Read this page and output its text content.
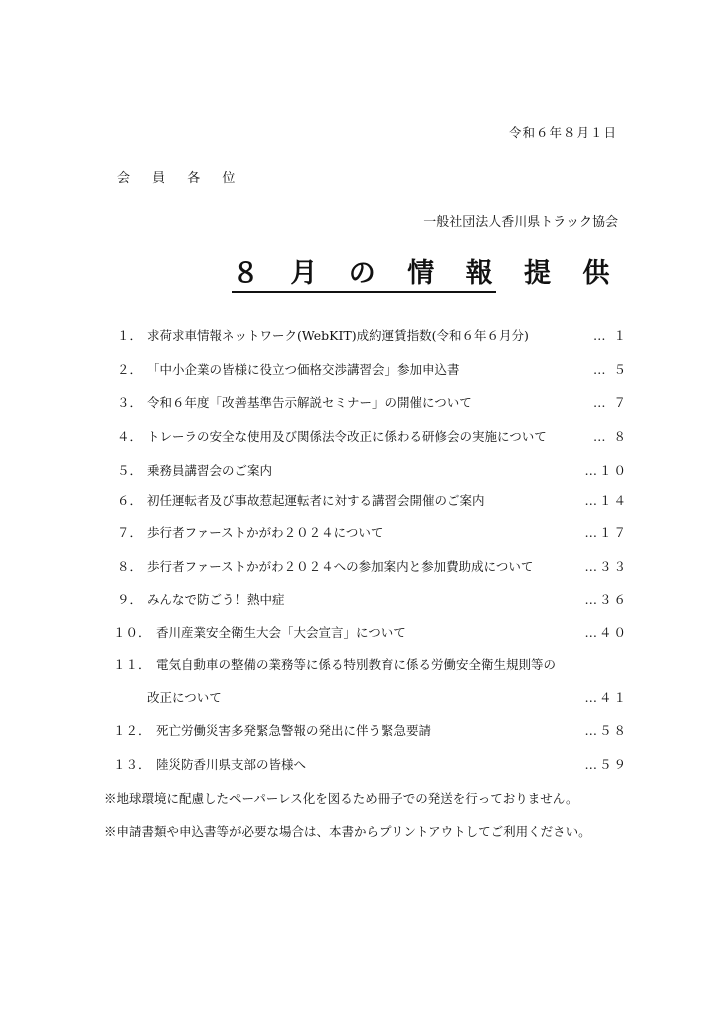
令和６年８月１日
会 員 各 位
一般社団法人香川県トラック協会
８ 月 の 情 報 提 供
１． 求荷求車情報ネットワーク(WebKIT)成約運賃指数(令和６年６月分)	… １
２． 「中小企業の皆様に役立つ価格交渉講習会」参加申込書	… ５
３． 令和６年度「改善基準告示解説セミナー」の開催について	… ７
４． トレーラの安全な使用及び関係法令改正に係わる研修会の実施について	… ８
５． 乗務員講習会のご案内	…１０
６． 初任運転者及び事故惹起運転者に対する講習会開催のご案内	…１４
７． 歩行者ファーストかがわ２０２４について	…１７
８． 歩行者ファーストかがわ２０２４への参加案内と参加費助成について	…３３
９． みんなで防ごう！熱中症	…３６
１０． 香川産業安全衛生大会「大会宣言」について	…４０
１１． 電気自動車の整備の業務等に係る特別教育に係る労働安全衛生規則等の
改正について	…４１
１２． 死亡労働災害多発緊急警報の発出に伴う緊急要請	…５８
１３． 陸災防香川県支部の皆様へ	…５９
※地球環境に配慮したペーパーレス化を図るため冊子での発送を行っておりません。
※申請書類や申込書等が必要な場合は、本書からプリントアウトしてご利用ください。
